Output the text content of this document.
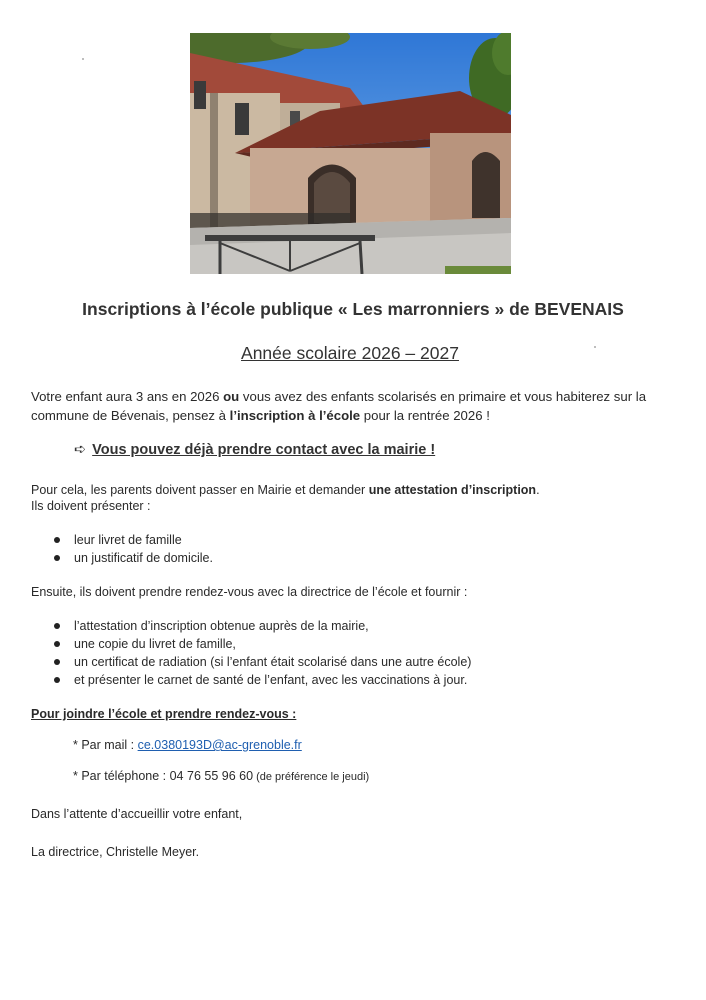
Inscriptions à l’école publique « Les marronniers » de BEVENAIS
Année scolaire 2026 – 2027
Votre enfant aura 3 ans en 2026 ou vous avez des enfants scolarisés en primaire et vous habiterez sur la commune de Bévenais, pensez à l’inscription à l’école pour la rentrée 2026 !
➪ Vous pouvez déjà prendre contact avec la mairie !
Pour cela, les parents doivent passer en Mairie et demander une attestation d’inscription.
Ils doivent présenter :
leur livret de famille
un justificatif de domicile.
Ensuite, ils doivent prendre rendez-vous avec la directrice de l’école et fournir :
l’attestation d’inscription obtenue auprès de la mairie,
une copie du livret de famille,
un certificat de radiation (si l’enfant était scolarisé dans une autre école)
et présenter le carnet de santé de l’enfant, avec les vaccinations à jour.
Pour joindre l’école et prendre rendez-vous :
* Par mail : ce.0380193D@ac-grenoble.fr
* Par téléphone : 04 76 55 96 60 (de préférence le jeudi)
Dans l’attente d’accueillir votre enfant,
La directrice, Christelle Meyer.
